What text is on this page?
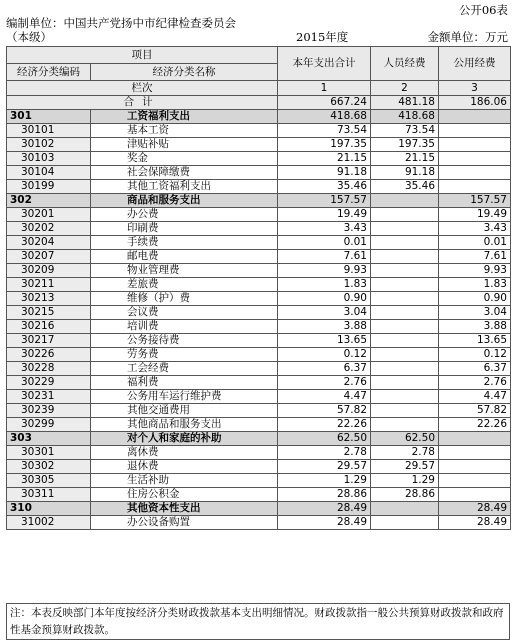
公开06表
编制单位：中国共产党扬中市纪律检查委员会
（本级）	2015年度	金额单位：万元
项目		本年支出合计	人员经费	公用经费
经济分类编码	经济分类名称			
栏次		1	2	3
合计		667.24	481.18	186.06
301	工资福利支出	418.68	418.68	
30101	基本工资	73.54	73.54	
30102	津贴补贴	197.35	197.35	
30103	奖金	21.15	21.15	
30104	社会保障缴费	91.18	91.18	
30199	其他工资福利支出	35.46	35.46	
302	商品和服务支出	157.57		157.57
30201	办公费	19.49		19.49
30202	印刷费	3.43		3.43
30204	手续费	0.01		0.01
30207	邮电费	7.61		7.61
30209	物业管理费	9.93		9.93
30211	差旅费	1.83		1.83
30213	维修（护）费	0.90		0.90
30215	会议费	3.04		3.04
30216	培训费	3.88		3.88
30217	公务接待费	13.65		13.65
30226	劳务费	0.12		0.12
30228	工会经费	6.37		6.37
30229	福利费	2.76		2.76
30231	公务用车运行维护费	4.47		4.47
30239	其他交通费用	57.82		57.82
30299	其他商品和服务支出	22.26		22.26
303	对个人和家庭的补助	62.50	62.50	
30301	离休费	2.78	2.78	
30302	退休费	29.57	29.57	
30305	生活补助	1.29	1.29	
30311	住房公积金	28.86	28.86	
310	其他资本性支出	28.49		28.49
31002	办公设备购置	28.49		28.49
注：本表反映部门本年度按经济分类财政拨款基本支出明细情况。财政拨款指一般公共预算财政拨款和政府性基金预算财政拨款。
